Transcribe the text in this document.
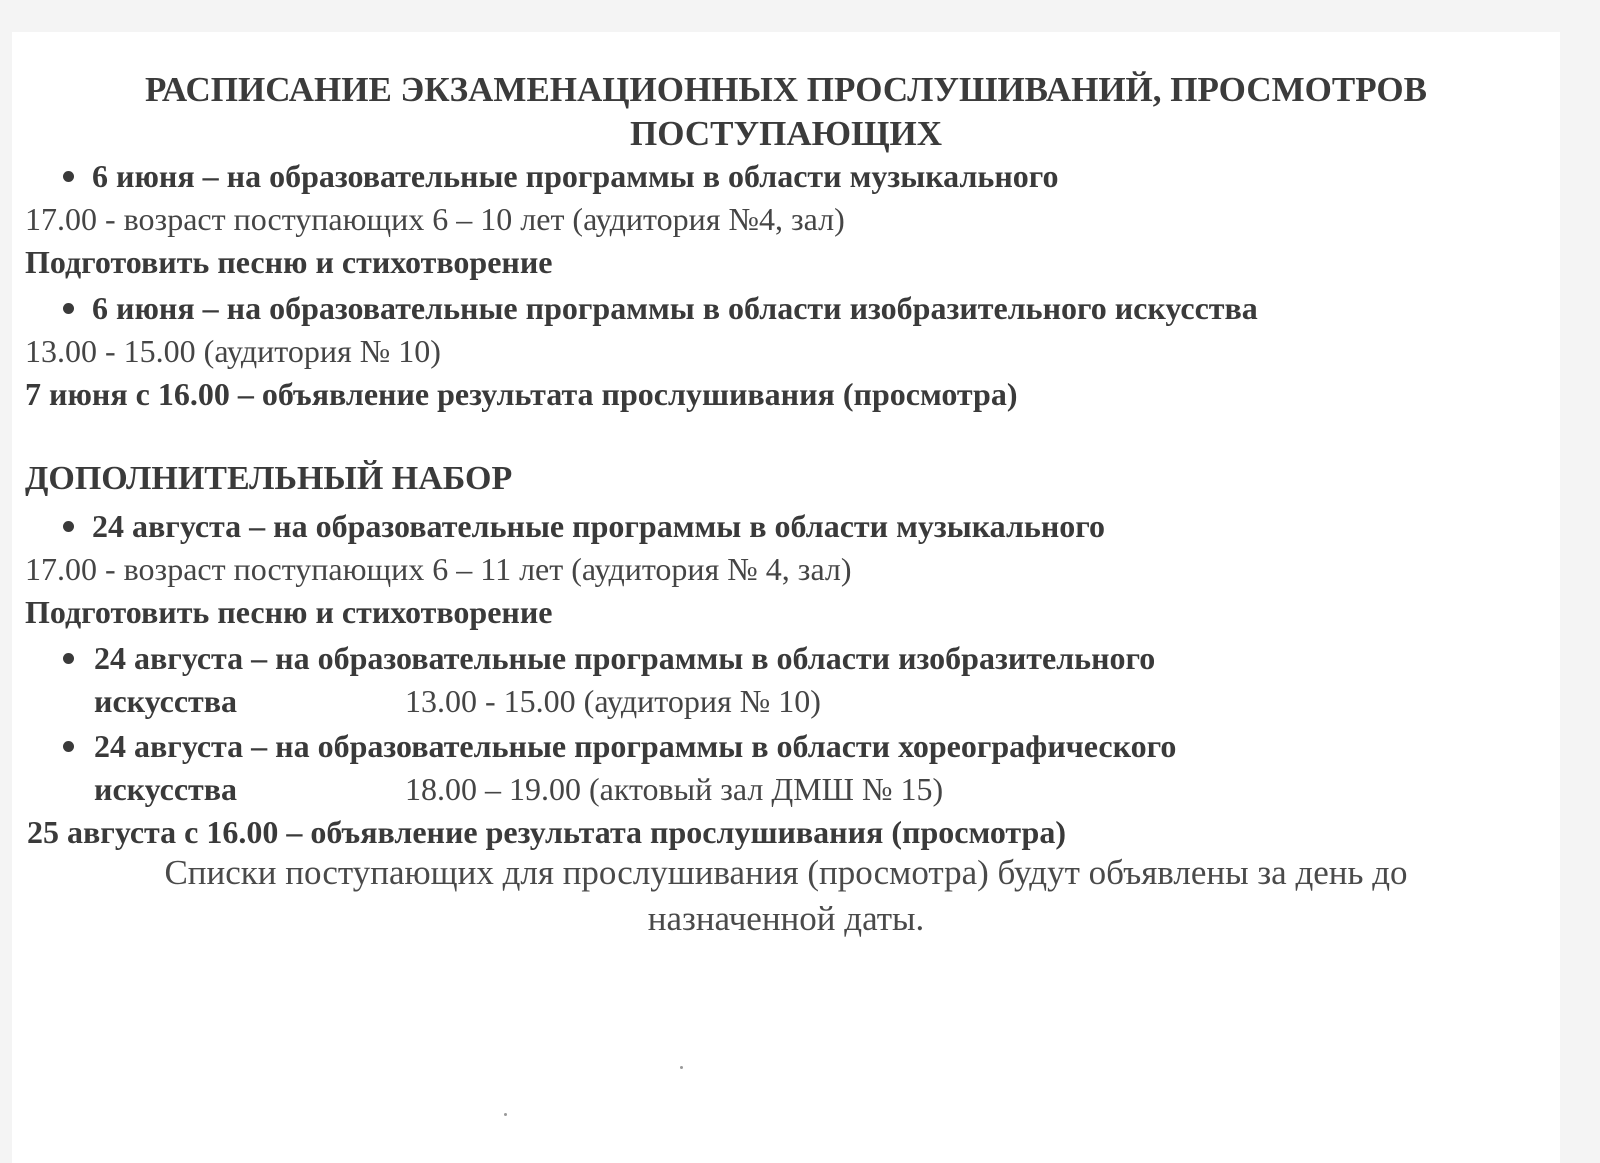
РАСПИСАНИЕ ЭКЗАМЕНАЦИОННЫХ ПРОСЛУШИВАНИЙ, ПРОСМОТРОВ
ПОСТУПАЮЩИХ
6 июня – на образовательные программы в области музыкального
17.00 - возраст поступающих 6 – 10 лет (аудитория №4, зал)
Подготовить песню и стихотворение
6 июня – на образовательные программы в области изобразительного искусства
13.00 - 15.00 (аудитория № 10)
7 июня с 16.00 – объявление результата прослушивания (просмотра)
ДОПОЛНИТЕЛЬНЫЙ НАБОР
24 августа – на образовательные программы в области музыкального
17.00 - возраст поступающих 6 – 11 лет (аудитория № 4, зал)
Подготовить песню и стихотворение
24 августа – на образовательные программы в области изобразительного
искусства	13.00 - 15.00 (аудитория № 10)
24 августа – на образовательные программы в области хореографического
искусства	18.00 – 19.00 (актовый зал ДМШ № 15)
25 августа с 16.00 – объявление результата прослушивания (просмотра)
Списки поступающих для прослушивания (просмотра) будут объявлены за день до
назначенной даты.
